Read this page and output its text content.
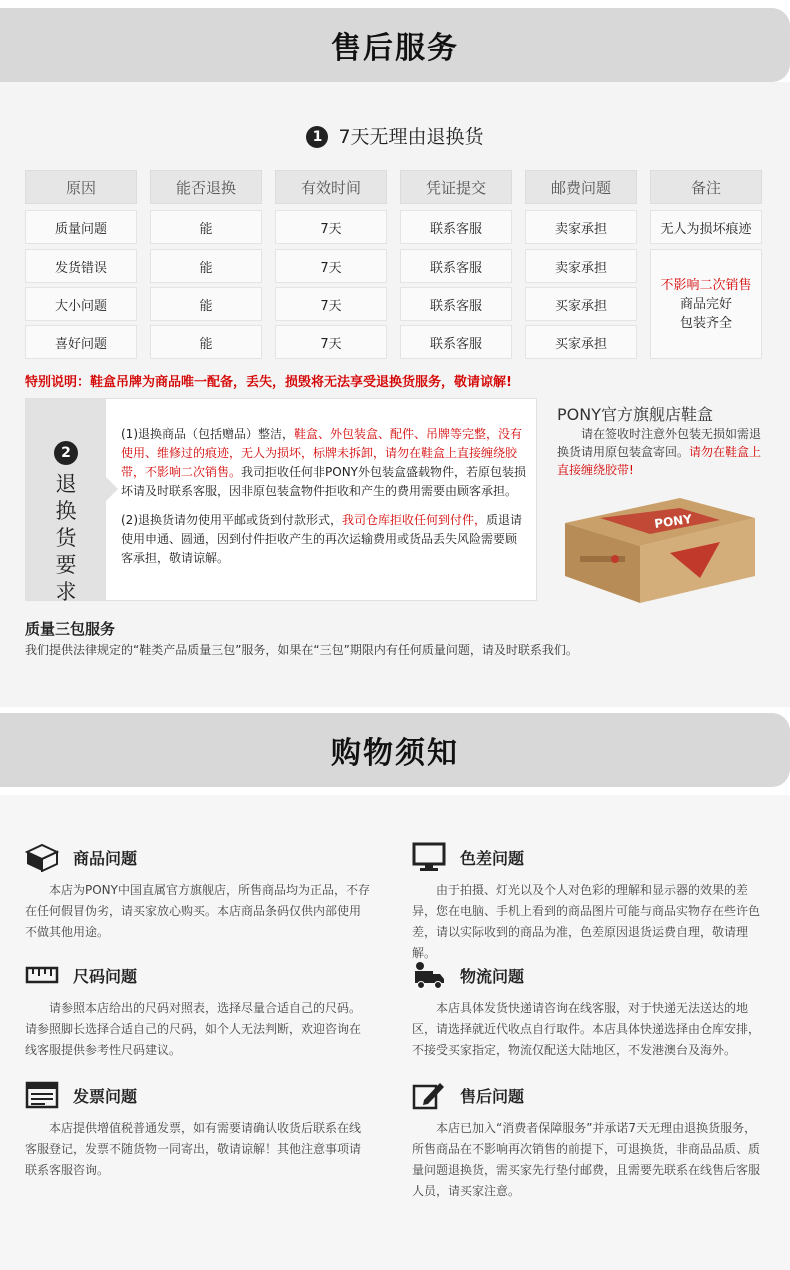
售后服务
1 7天无理由退换货
原因	能否退换	有效时间	凭证提交	邮费问题	备注
质量问题	能	7天	联系客服	卖家承担	无人为损坏痕迹
发货错误	能	7天	联系客服	卖家承担
大小问题	能	7天	联系客服	买家承担
喜好问题	能	7天	联系客服	买家承担
不影响二次销售
商品完好
包装齐全
特别说明：鞋盒吊牌为商品唯一配备，丢失，损毁将无法享受退换货服务，敬请谅解!
2
退
换
货
要
求

(1)退换商品（包括赠品）整洁，鞋盒、外包装盒、配件、吊牌等完整，没有使用、维修过的痕迹，无人为损坏，标牌未拆卸，请勿在鞋盒上直接缠绕胶带，不影响二次销售。我司拒收任何非PONY外包装盒盛载物件，若原包装损坏请及时联系客服，因非原包装盒物件拒收和产生的费用需要由顾客承担。

(2)退换货请勿使用平邮或货到付款形式，我司仓库拒收任何到付件，质退请使用申通、圆通，因到付件拒收产生的再次运输费用或货品丢失风险需要顾客承担，敬请谅解。

PONY官方旗舰店鞋盒
请在签收时注意外包装无损如需退换货请用原包装盒寄回。请勿在鞋盒上直接缠绕胶带!
PONY
质量三包服务
我们提供法律规定的“鞋类产品质量三包”服务，如果在“三包”期限内有任何质量问题，请及时联系我们。
购物须知
商品问题
本店为PONY中国直属官方旗舰店，所售商品均为正品，不存在任何假冒伪劣，请买家放心购买。本店商品条码仅供内部使用不做其他用途。
色差问题
由于拍摄、灯光以及个人对色彩的理解和显示器的效果的差异，您在电脑、手机上看到的商品图片可能与商品实物存在些许色差，请以实际收到的商品为准，色差原因退货运费自理，敬请理解。
尺码问题
请参照本店给出的尺码对照表，选择尽量合适自己的尺码。请参照脚长选择合适自己的尺码，如个人无法判断，欢迎咨询在线客服提供参考性尺码建议。
物流问题
本店具体发货快递请咨询在线客服，对于快递无法送达的地区，请选择就近代收点自行取件。本店具体快递选择由仓库安排，不接受买家指定，物流仅配送大陆地区，不发港澳台及海外。
发票问题
本店提供增值税普通发票，如有需要请确认收货后联系在线客服登记，发票不随货物一同寄出，敬请谅解！其他注意事项请联系客服咨询。
售后问题
本店已加入“消费者保障服务”并承诺7天无理由退换货服务，所售商品在不影响再次销售的前提下，可退换货，非商品品质、质量问题退换货，需买家先行垫付邮费，且需要先联系在线售后客服人员，请买家注意。
